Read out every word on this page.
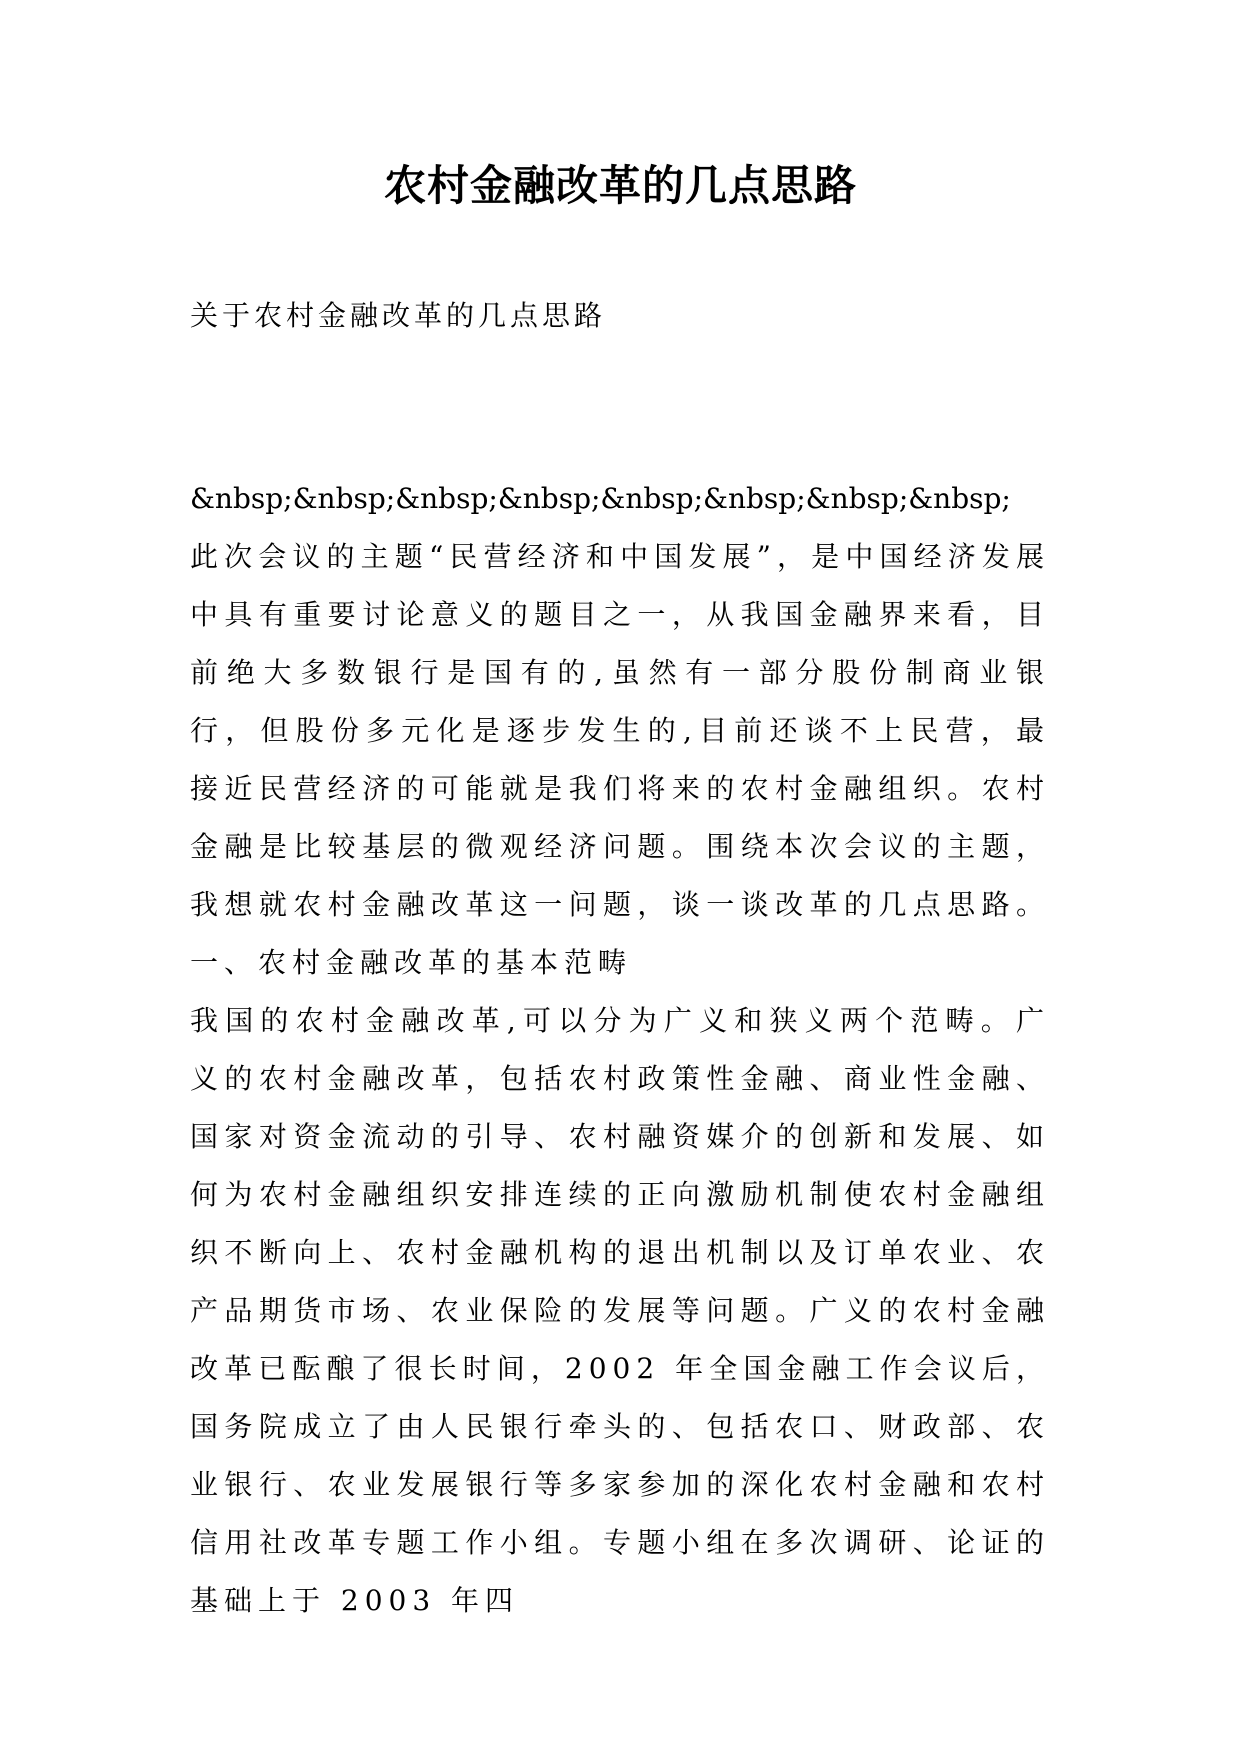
农村金融改革的几点思路
关于农村金融改革的几点思路
&nbsp;&nbsp;&nbsp;&nbsp;&nbsp;&nbsp;&nbsp;&nbsp;

此次会议的主题“民营经济和中国发展”，是中国经济发展中具有重要讨论意义的题目之一，从我国金融界来看，目前绝大多数银行是国有的,虽然有一部分股份制商业银行，但股份多元化是逐步发生的,目前还谈不上民营，最接近民营经济的可能就是我们将来的农村金融组织。农村金融是比较基层的微观经济问题。围绕本次会议的主题，我想就农村金融改革这一问题，谈一谈改革的几点思路。一、农村金融改革的基本范畴

我国的农村金融改革,可以分为广义和狭义两个范畴。广义的农村金融改革，包括农村政策性金融、商业性金融、国家对资金流动的引导、农村融资媒介的创新和发展、如何为农村金融组织安排连续的正向激励机制使农村金融组织不断向上、农村金融机构的退出机制以及订单农业、农产品期货市场、农业保险的发展等问题。广义的农村金融改革已酝酿了很长时间，2002 年全国金融工作会议后，国务院成立了由人民银行牵头的、包括农口、财政部、农业银行、农业发展银行等多家参加的深化农村金融和农村信用社改革专题工作小组。专题小组在多次调研、论证的基础上于 2003 年四
